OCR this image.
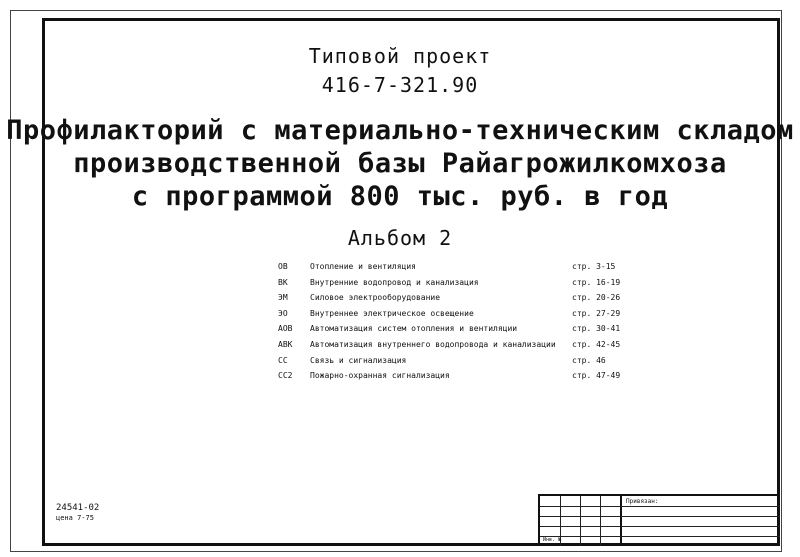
Типовой проект
416-7-321.90
Профилакторий с материально-техническим складом
производственной базы Райагрожилкомхоза
с программой 800 тыс. руб. в год
Альбом 2
ОВ	Отопление и вентиляция	стр. 3-15
ВК	Внутренние водопровод и канализация	стр. 16-19
ЭМ	Силовое электрооборудование	стр. 20-26
ЭО	Внутреннее электрическое освещение	стр. 27-29
АОВ Автоматизация систем отопления и вентиляции	стр. 30-41
АВК Автоматизация внутреннего водопровода и канализации стр. 42-45
СС	Связь и сигнализация	стр. 46
СС2 Пожарно-охранная сигнализация	стр. 47-49
24541-02
цена 7-75
Привязан:
Инв. №
